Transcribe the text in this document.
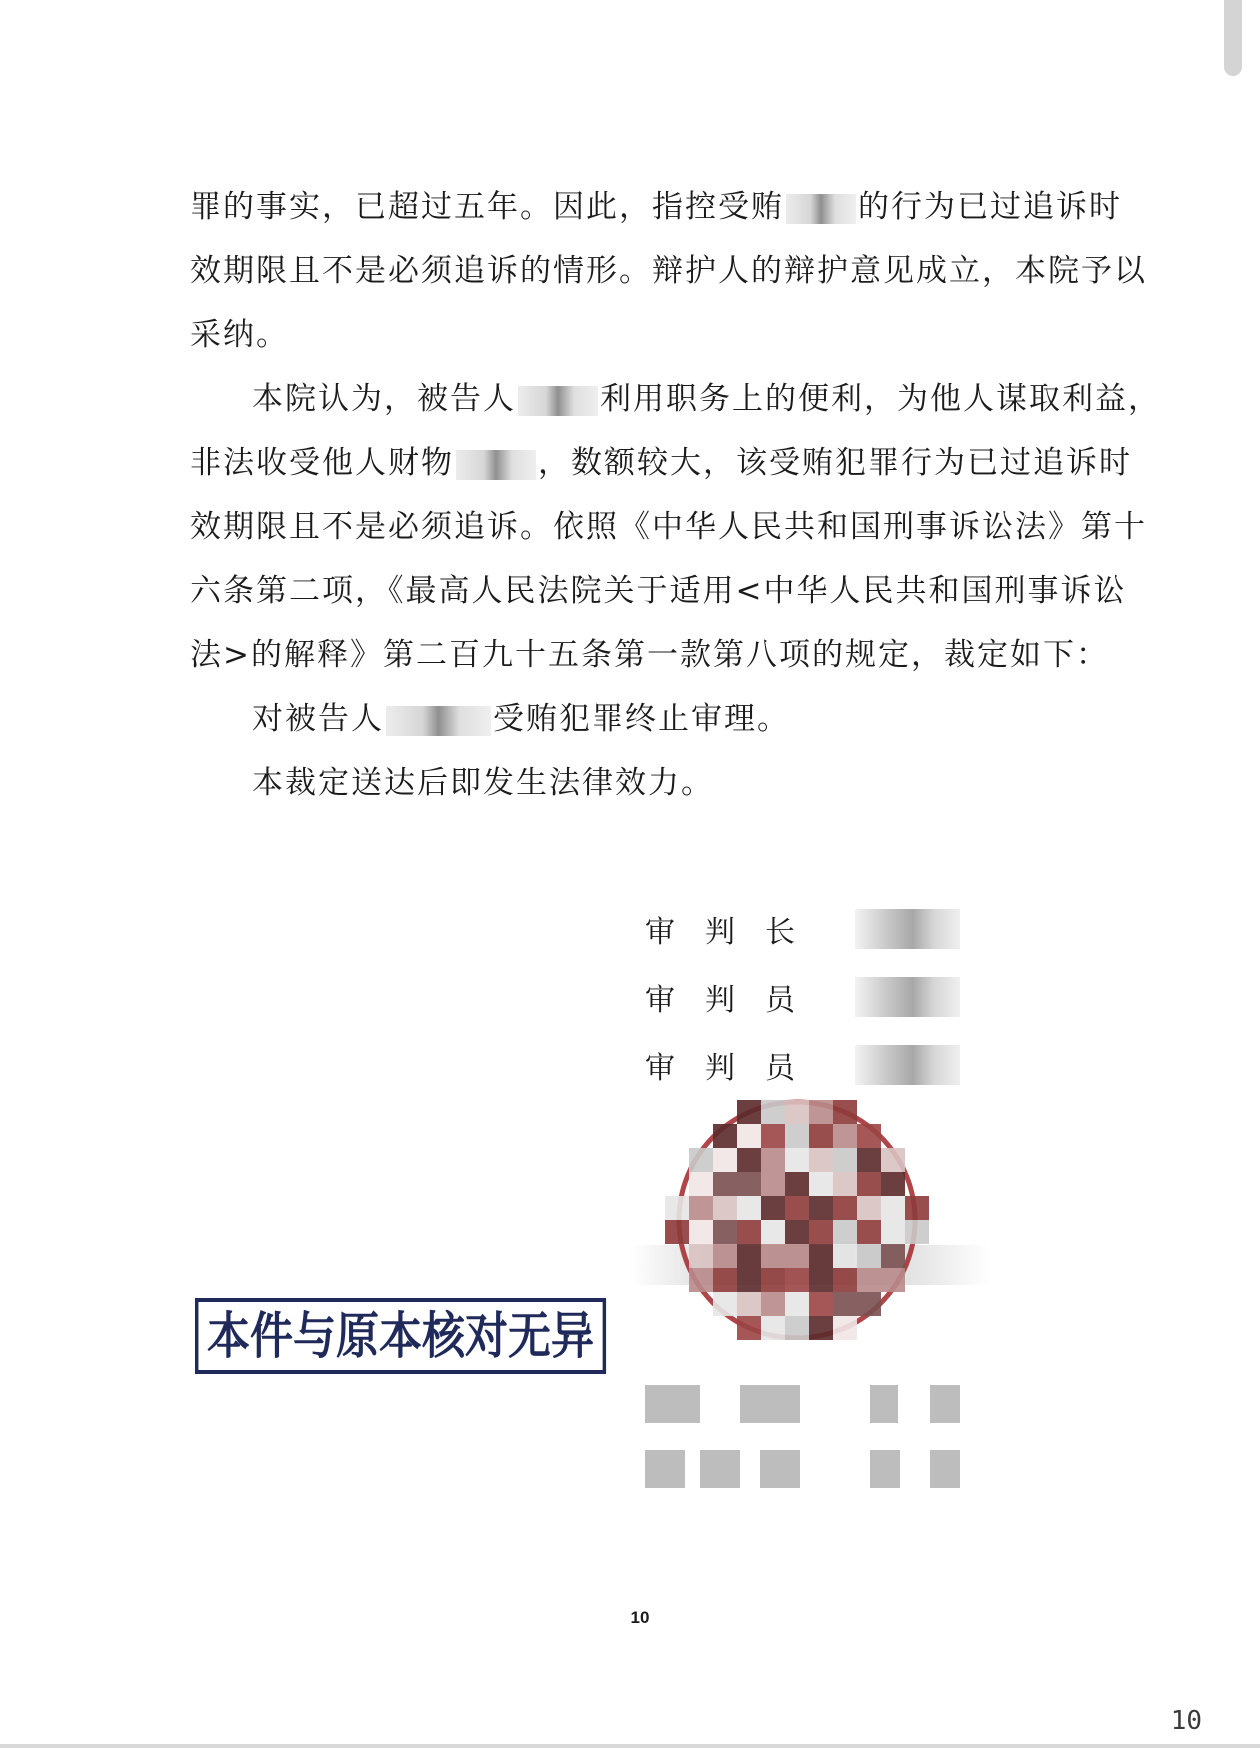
罪的事实，已超过五年。因此，指控受贿 的行为已过追诉时
效期限且不是必须追诉的情形。辩护人的辩护意见成立，本院予以
采纳。
本院认为，被告人	利用职务上的便利，为他人谋取利益，
非法收受他人财物	，数额较大，该受贿犯罪行为已过追诉时
效期限且不是必须追诉。依照《中华人民共和国刑事诉讼法》第十
六条第二项，《最高人民法院关于适用<中华人民共和国刑事诉讼
法>的解释》第二百九十五条第一款第八项的规定，裁定如下：
对被告人	受贿犯罪终止审理。
本裁定送达后即发生法律效力。
审判长
审判员
审判员
本件与原本核对无异
10
10
